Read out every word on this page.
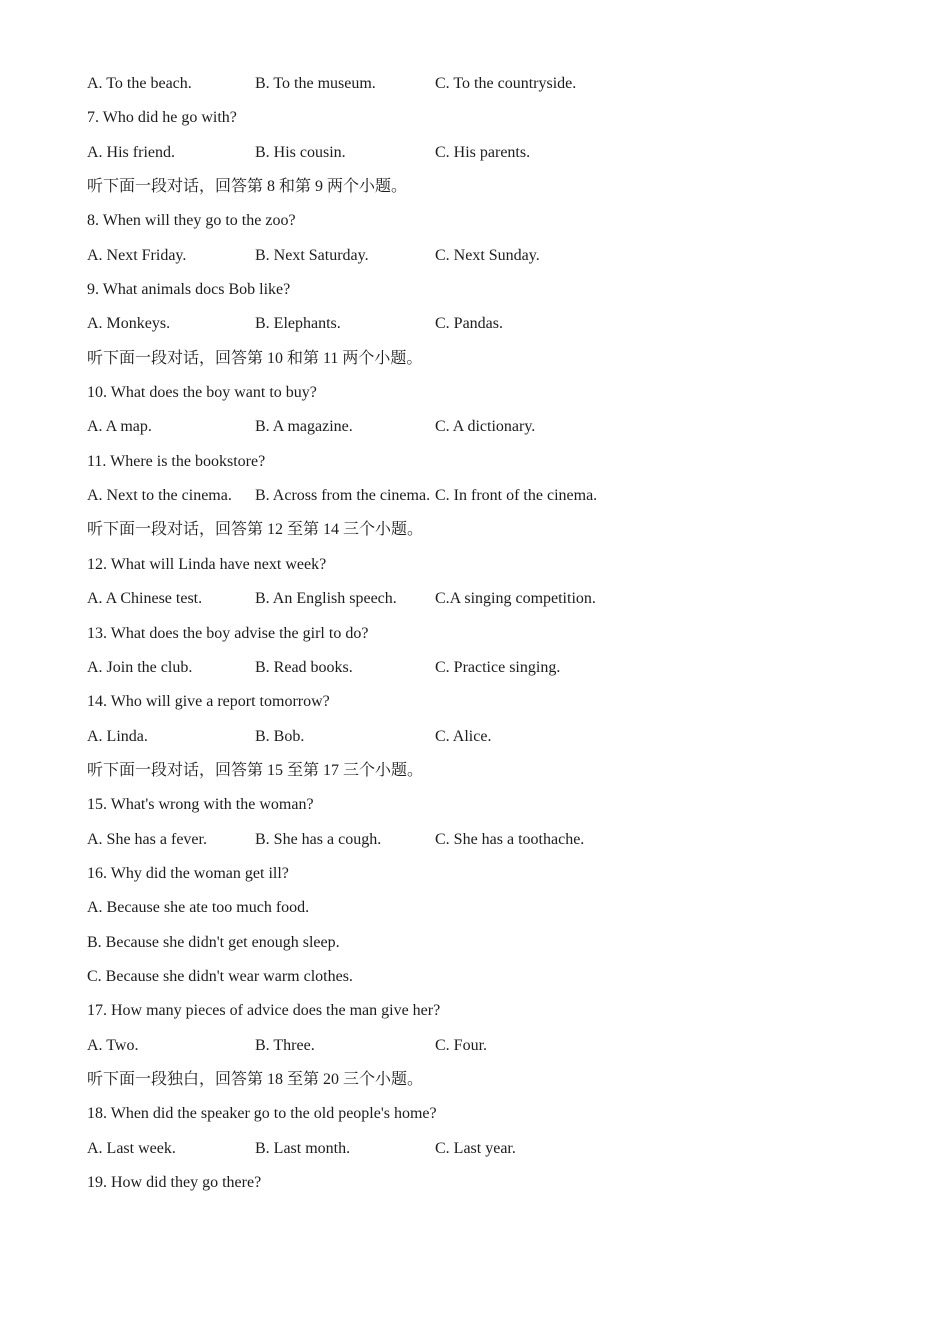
A. To the beach.	B. To the museum.	C. To the countryside.
7. Who did he go with?
A. His friend.	B. His cousin.	C. His parents.
听下面一段对话，回答第 8 和第 9 两个小题。
8. When will they go to the zoo?
A. Next Friday.	B. Next Saturday.	C. Next Sunday.
9. What animals docs Bob like?
A. Monkeys.	B. Elephants.	C. Pandas.
听下面一段对话，回答第 10 和第 11 两个小题。
10. What does the boy want to buy?
A. A map.	B. A magazine.	C. A dictionary.
11. Where is the bookstore?
A. Next to the cinema. B. Across from the cinema. C. In front of the cinema.
听下面一段对话，回答第 12 至第 14 三个小题。
12. What will Linda have next week?
A. A Chinese test.	B. An English speech. C.A singing competition.
13. What does the boy advise the girl to do?
A. Join the club.	B. Read books.	C. Practice singing.
14. Who will give a report tomorrow?
A. Linda.	B. Bob.	C. Alice.
听下面一段对话，回答第 15 至第 17 三个小题。
15. What's wrong with the woman?
A. She has a fever.	B. She has a cough.	C. She has a toothache.
16. Why did the woman get ill?
A. Because she ate too much food.
B. Because she didn't get enough sleep.
C. Because she didn't wear warm clothes.
17. How many pieces of advice does the man give her?
A. Two.	B. Three.	C. Four.
听下面一段独白，回答第 18 至第 20 三个小题。
18. When did the speaker go to the old people's home?
A. Last week.	B. Last month.	C. Last year.
19. How did they go there?
